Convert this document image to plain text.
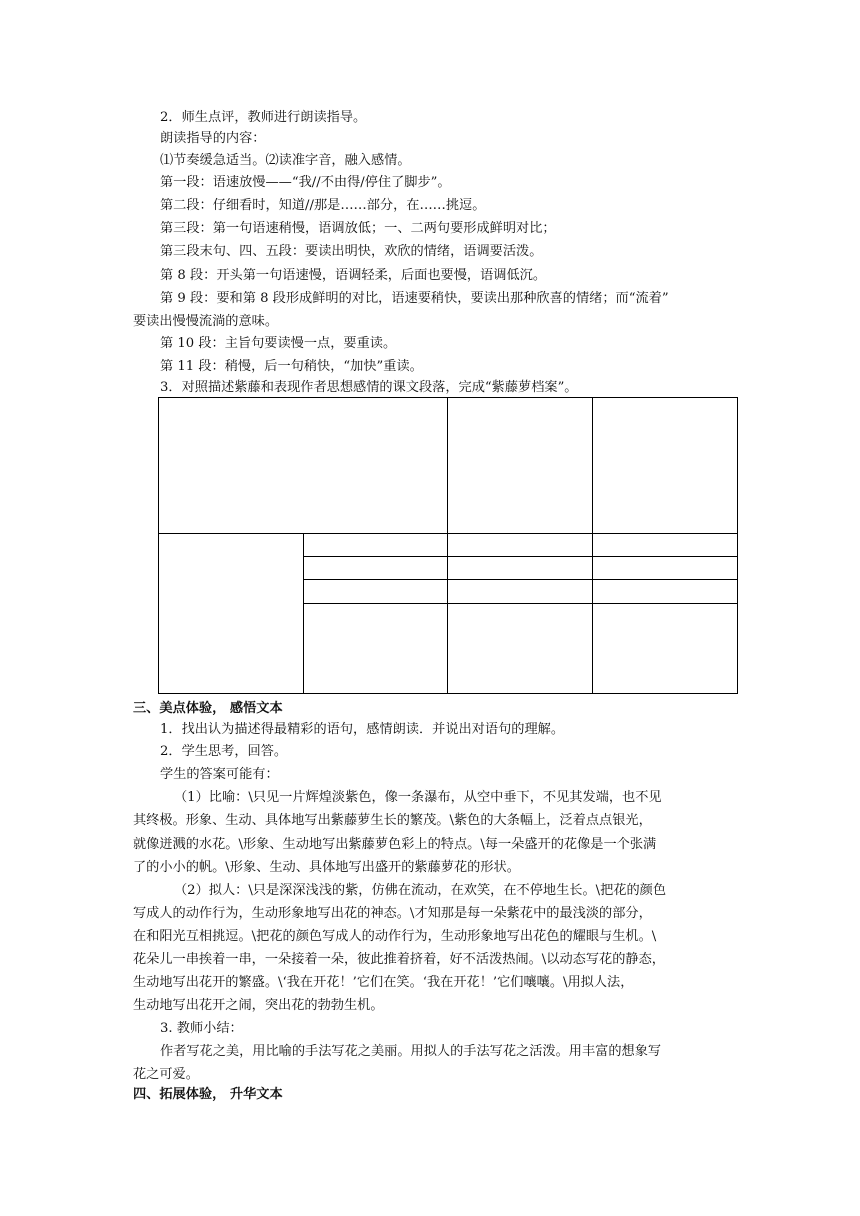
2．师生点评，教师进行朗读指导。
朗读指导的内容：
⑴节奏缓急适当。⑵读准字音，融入感情。
第一段：语速放慢——“我//不由得/停住了脚步”。
第二段：仔细看时，知道//那是……部分，在……挑逗。
第三段：第一句语速稍慢，语调放低；一、二两句要形成鲜明对比；
第三段末句、四、五段：要读出明快，欢欣的情绪，语调要活泼。
第 8 段：开头第一句语速慢，语调轻柔，后面也要慢，语调低沉。
第 9 段：要和第 8 段形成鲜明的对比，语速要稍快，要读出那种欣喜的情绪；而“流着”
要读出慢慢流淌的意味。
第 10 段：主旨句要读慢一点，要重读。
第 11 段：稍慢，后一句稍快，“加快”重读。
3．对照描述紫藤和表现作者思想感情的课文段落，完成“紫藤萝档案”。
三、美点体验， 感悟文本
1．找出认为描述得最精彩的语句，感情朗读．并说出对语句的理解。
2．学生思考，回答。
学生的答案可能有：
（1）比喻：\只见一片辉煌淡紫色，像一条瀑布，从空中垂下，不见其发端，也不见
其终极。形象、生动、具体地写出紫藤萝生长的繁茂。\紫色的大条幅上，泛着点点银光，
就像迸溅的水花。\形象、生动地写出紫藤萝色彩上的特点。\每一朵盛开的花像是一个张满
了的小小的帆。\形象、生动、具体地写出盛开的紫藤萝花的形状。
（2）拟人：\只是深深浅浅的紫，仿佛在流动，在欢笑，在不停地生长。\把花的颜色
写成人的动作行为，生动形象地写出花的神态。\才知那是每一朵紫花中的最浅淡的部分，
在和阳光互相挑逗。\把花的颜色写成人的动作行为，生动形象地写出花色的耀眼与生机。\
花朵儿一串挨着一串，一朵接着一朵，彼此推着挤着，好不活泼热闹。\以动态写花的静态，
生动地写出花开的繁盛。\‘我在开花！’它们在笑。‘我在开花！’它们嚷嚷。\用拟人法，
生动地写出花开之闹，突出花的勃勃生机。
3. 教师小结：
作者写花之美，用比喻的手法写花之美丽。用拟人的手法写花之活泼。用丰富的想象写
花之可爱。
四、拓展体验， 升华文本
